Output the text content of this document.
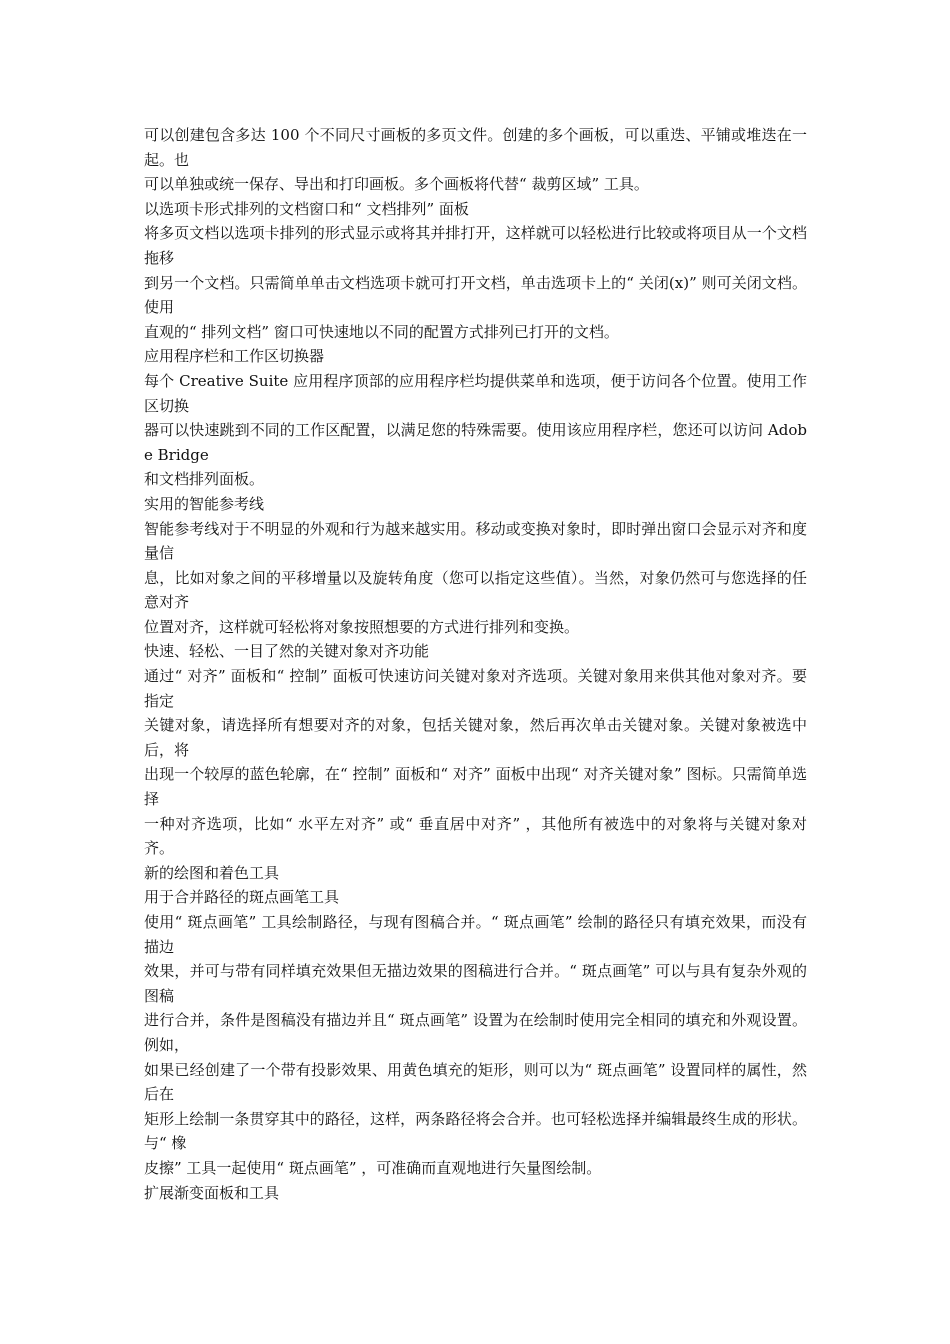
可以创建包含多达 100 个不同尺寸画板的多页文件。创建的多个画板，可以重迭、平铺或堆迭在一起。也

可以单独或统一保存、导出和打印画板。多个画板将代替“ 裁剪区域” 工具。

以选项卡形式排列的文档窗口和“ 文档排列” 面板

将多页文档以选项卡排列的形式显示或将其并排打开，这样就可以轻松进行比较或将项目从一个文档拖移

到另一个文档。只需简单单击文档选项卡就可打开文档，单击选项卡上的“ 关闭(x)” 则可关闭文档。使用

直观的“ 排列文档” 窗口可快速地以不同的配置方式排列已打开的文档。

应用程序栏和工作区切换器

每个 Creative Suite 应用程序顶部的应用程序栏均提供菜单和选项，便于访问各个位置。使用工作区切换

器可以快速跳到不同的工作区配置，以满足您的特殊需要。使用该应用程序栏，您还可以访问 Adobe Bridge

和文档排列面板。

实用的智能参考线

智能参考线对于不明显的外观和行为越来越实用。移动或变换对象时，即时弹出窗口会显示对齐和度量信

息，比如对象之间的平移增量以及旋转角度（您可以指定这些值）。当然，对象仍然可与您选择的任意对齐

位置对齐，这样就可轻松将对象按照想要的方式进行排列和变换。

快速、轻松、一目了然的关键对象对齐功能

通过“ 对齐” 面板和“ 控制” 面板可快速访问关键对象对齐选项。关键对象用来供其他对象对齐。要指定

关键对象，请选择所有想要对齐的对象，包括关键对象，然后再次单击关键对象。关键对象被选中后，将

出现一个较厚的蓝色轮廓，在“ 控制” 面板和“ 对齐” 面板中出现“ 对齐关键对象” 图标。只需简单选择

一种对齐选项，比如“ 水平左对齐” 或“ 垂直居中对齐” ，其他所有被选中的对象将与关键对象对齐。

新的绘图和着色工具

用于合并路径的斑点画笔工具

使用“ 斑点画笔” 工具绘制路径，与现有图稿合并。“ 斑点画笔” 绘制的路径只有填充效果，而没有描边

效果，并可与带有同样填充效果但无描边效果的图稿进行合并。“ 斑点画笔” 可以与具有复杂外观的图稿

进行合并，条件是图稿没有描边并且“ 斑点画笔” 设置为在绘制时使用完全相同的填充和外观设置。例如，

如果已经创建了一个带有投影效果、用黄色填充的矩形，则可以为“ 斑点画笔” 设置同样的属性，然后在

矩形上绘制一条贯穿其中的路径，这样，两条路径将会合并。也可轻松选择并编辑最终生成的形状。与“ 橡

皮擦” 工具一起使用“ 斑点画笔” ，可准确而直观地进行矢量图绘制。

扩展渐变面板和工具
